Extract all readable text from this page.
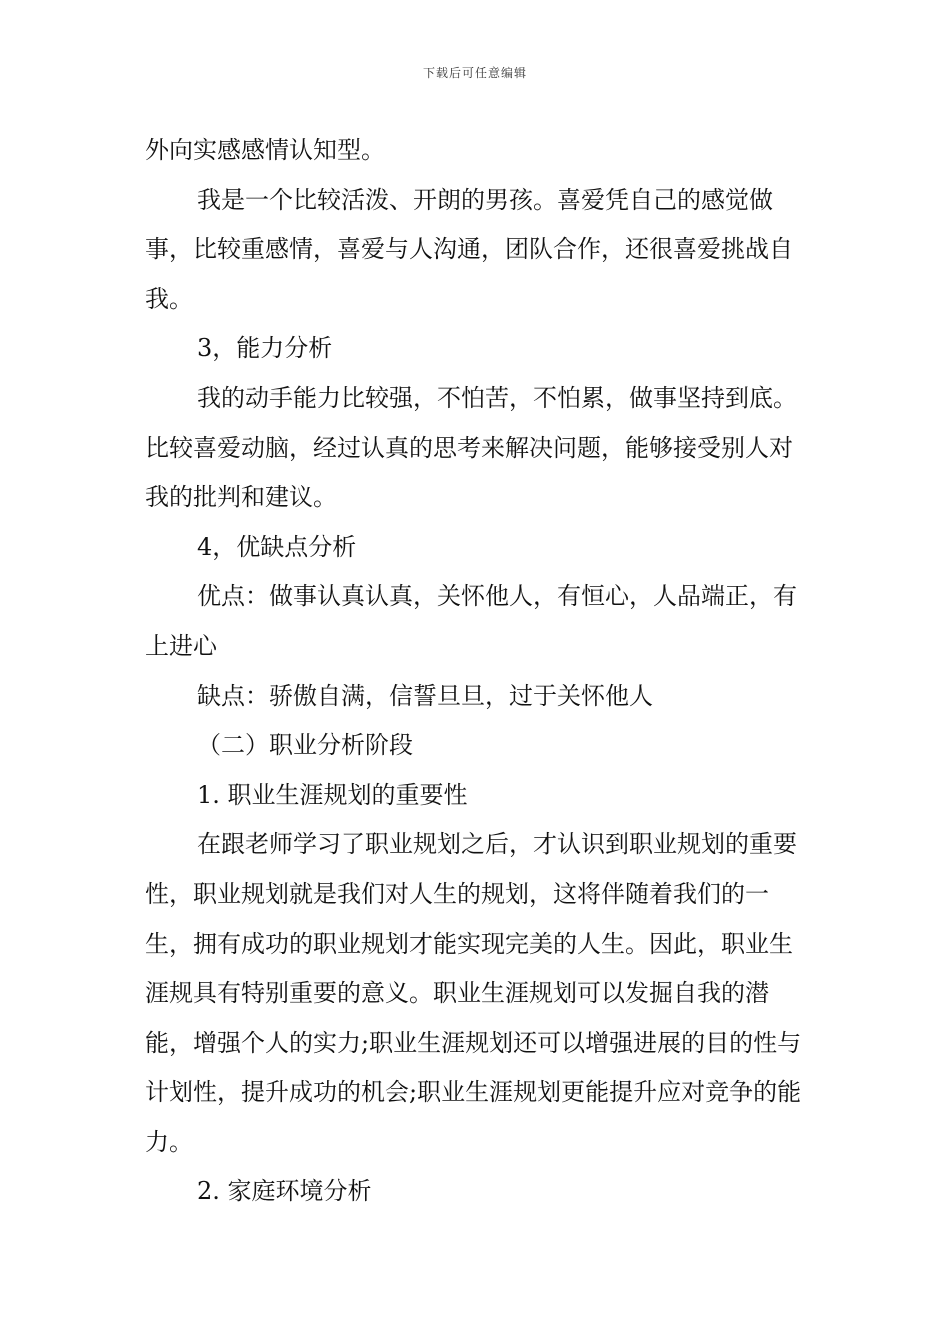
下载后可任意编辑

外向实感感情认知型。

我是一个比较活泼、开朗的男孩。喜爱凭自己的感觉做事，比较重感情，喜爱与人沟通，团队合作，还很喜爱挑战自我。

3，能力分析

我的动手能力比较强，不怕苦，不怕累，做事坚持到底。比较喜爱动脑，经过认真的思考来解决问题，能够接受别人对我的批判和建议。

4，优缺点分析

优点：做事认真认真，关怀他人，有恒心，人品端正，有上进心

缺点：骄傲自满，信誓旦旦，过于关怀他人

（二）职业分析阶段

1. 职业生涯规划的重要性

在跟老师学习了职业规划之后，才认识到职业规划的重要性，职业规划就是我们对人生的规划，这将伴随着我们的一生，拥有成功的职业规划才能实现完美的人生。因此，职业生涯规具有特别重要的意义。职业生涯规划可以发掘自我的潜能，增强个人的实力;职业生涯规划还可以增强进展的目的性与计划性，提升成功的机会;职业生涯规划更能提升应对竞争的能力。

2. 家庭环境分析
